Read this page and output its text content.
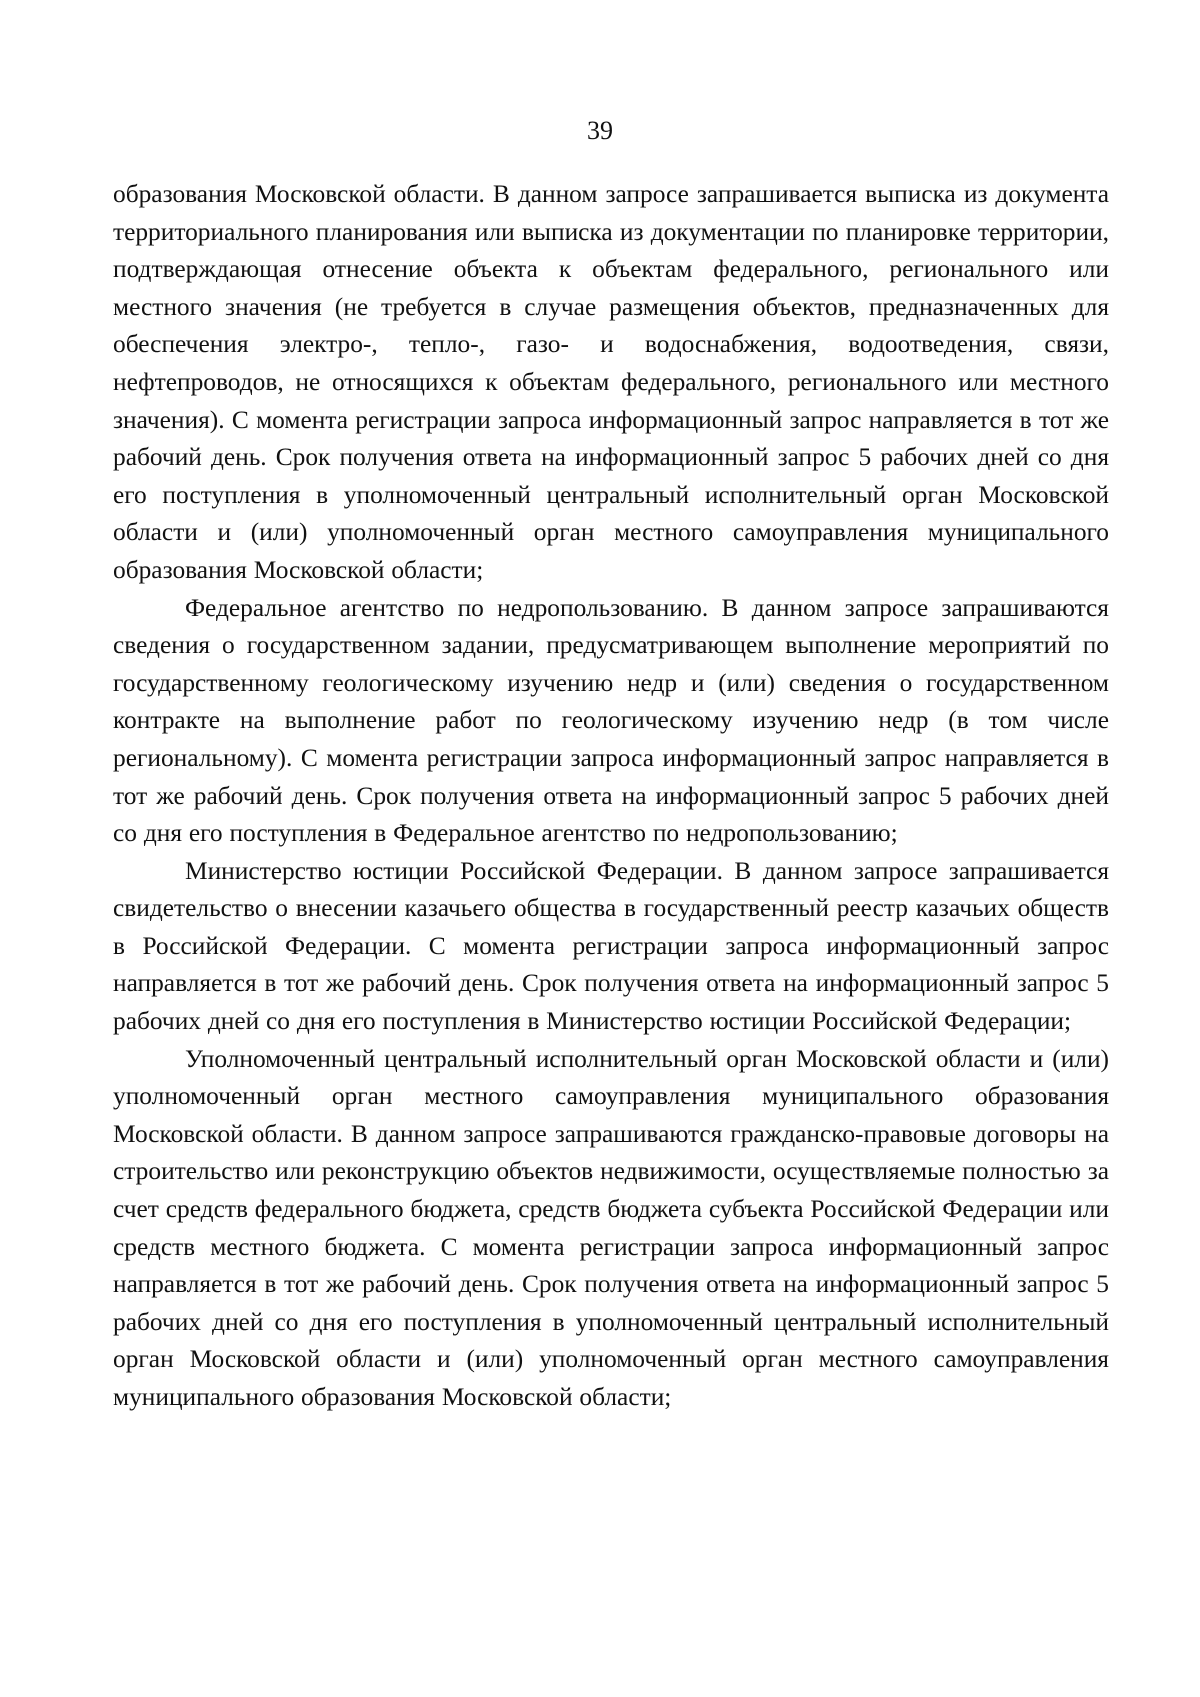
39

образования Московской области. В данном запросе запрашивается выписка из документа территориального планирования или выписка из документации по планировке территории, подтверждающая отнесение объекта к объектам федерального, регионального или местного значения (не требуется в случае размещения объектов, предназначенных для обеспечения электро-, тепло-, газо- и водоснабжения, водоотведения, связи, нефтепроводов, не относящихся к объектам федерального, регионального или местного значения). С момента регистрации запроса информационный запрос направляется в тот же рабочий день. Срок получения ответа на информационный запрос 5 рабочих дней со дня его поступления в уполномоченный центральный исполнительный орган Московской области и (или) уполномоченный орган местного самоуправления муниципального образования Московской области;

Федеральное агентство по недропользованию. В данном запросе запрашиваются сведения о государственном задании, предусматривающем выполнение мероприятий по государственному геологическому изучению недр и (или) сведения о государственном контракте на выполнение работ по геологическому изучению недр (в том числе региональному). С момента регистрации запроса информационный запрос направляется в тот же рабочий день. Срок получения ответа на информационный запрос 5 рабочих дней со дня его поступления в Федеральное агентство по недропользованию;

Министерство юстиции Российской Федерации. В данном запросе запрашивается свидетельство о внесении казачьего общества в государственный реестр казачьих обществ в Российской Федерации. С момента регистрации запроса информационный запрос направляется в тот же рабочий день. Срок получения ответа на информационный запрос 5 рабочих дней со дня его поступления в Министерство юстиции Российской Федерации;

Уполномоченный центральный исполнительный орган Московской области и (или) уполномоченный орган местного самоуправления муниципального образования Московской области. В данном запросе запрашиваются гражданско-правовые договоры на строительство или реконструкцию объектов недвижимости, осуществляемые полностью за счет средств федерального бюджета, средств бюджета субъекта Российской Федерации или средств местного бюджета. С момента регистрации запроса информационный запрос направляется в тот же рабочий день. Срок получения ответа на информационный запрос 5 рабочих дней со дня его поступления в уполномоченный центральный исполнительный орган Московской области и (или) уполномоченный орган местного самоуправления муниципального образования Московской области;
